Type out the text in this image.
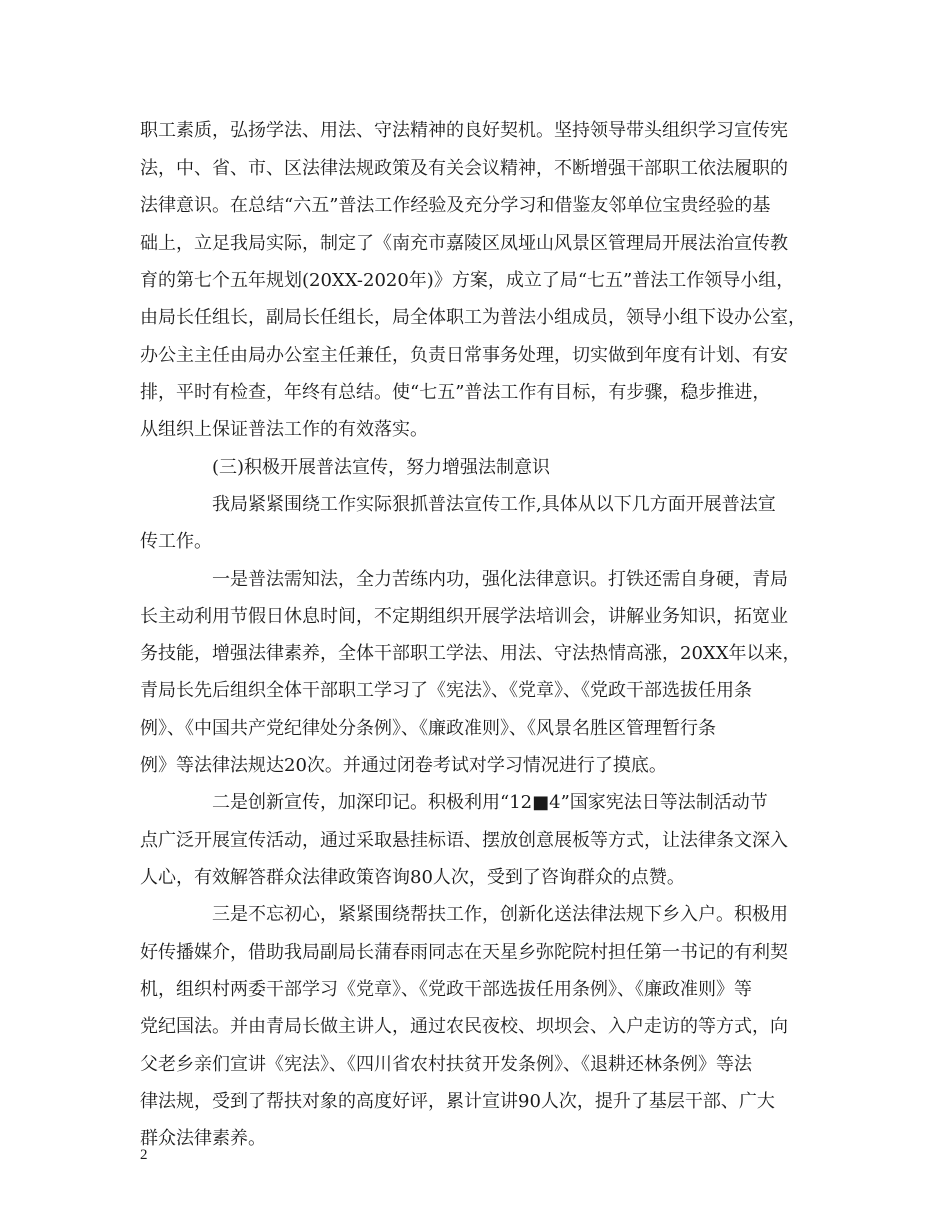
职工素质，弘扬学法、用法、守法精神的良好契机。坚持领导带头组织学习宣传宪
法，中、省、市、区法律法规政策及有关会议精神，不断增强干部职工依法履职的
法律意识。在总结“六五”普法工作经验及充分学习和借鉴友邻单位宝贵经验的基
础上，立足我局实际，制定了《南充市嘉陵区凤垭山风景区管理局开展法治宣传教
育的第七个五年规划(20XX-2020年)》方案，成立了局“七五”普法工作领导小组，
由局长任组长，副局长任组长，局全体职工为普法小组成员，领导小组下设办公室，
办公主主任由局办公室主任兼任，负责日常事务处理，切实做到年度有计划、有安
排，平时有检查，年终有总结。使“七五”普法工作有目标，有步骤，稳步推进，
从组织上保证普法工作的有效落实。
(三)积极开展普法宣传，努力增强法制意识
我局紧紧围绕工作实际狠抓普法宣传工作,具体从以下几方面开展普法宣
传工作。
一是普法需知法，全力苦练内功，强化法律意识。打铁还需自身硬，青局
长主动利用节假日休息时间，不定期组织开展学法培训会，讲解业务知识，拓宽业
务技能，增强法律素养，全体干部职工学法、用法、守法热情高涨，20XX年以来，
青局长先后组织全体干部职工学习了《宪法》、《党章》、《党政干部选拔任用条
例》、《中国共产党纪律处分条例》、《廉政准则》、《风景名胜区管理暂行条
例》等法律法规达20次。并通过闭卷考试对学习情况进行了摸底。
二是创新宣传，加深印记。积极利用“12■4”国家宪法日等法制活动节
点广泛开展宣传活动，通过采取悬挂标语、摆放创意展板等方式，让法律条文深入
人心，有效解答群众法律政策咨询80人次，受到了咨询群众的点赞。
三是不忘初心，紧紧围绕帮扶工作，创新化送法律法规下乡入户。积极用
好传播媒介，借助我局副局长蒲春雨同志在天星乡弥陀院村担任第一书记的有利契
机，组织村两委干部学习《党章》、《党政干部选拔任用条例》、《廉政准则》等
党纪国法。并由青局长做主讲人，通过农民夜校、坝坝会、入户走访的等方式，向
父老乡亲们宣讲《宪法》、《四川省农村扶贫开发条例》、《退耕还林条例》等法
律法规，受到了帮扶对象的高度好评，累计宣讲90人次，提升了基层干部、广大
群众法律素养。
2
